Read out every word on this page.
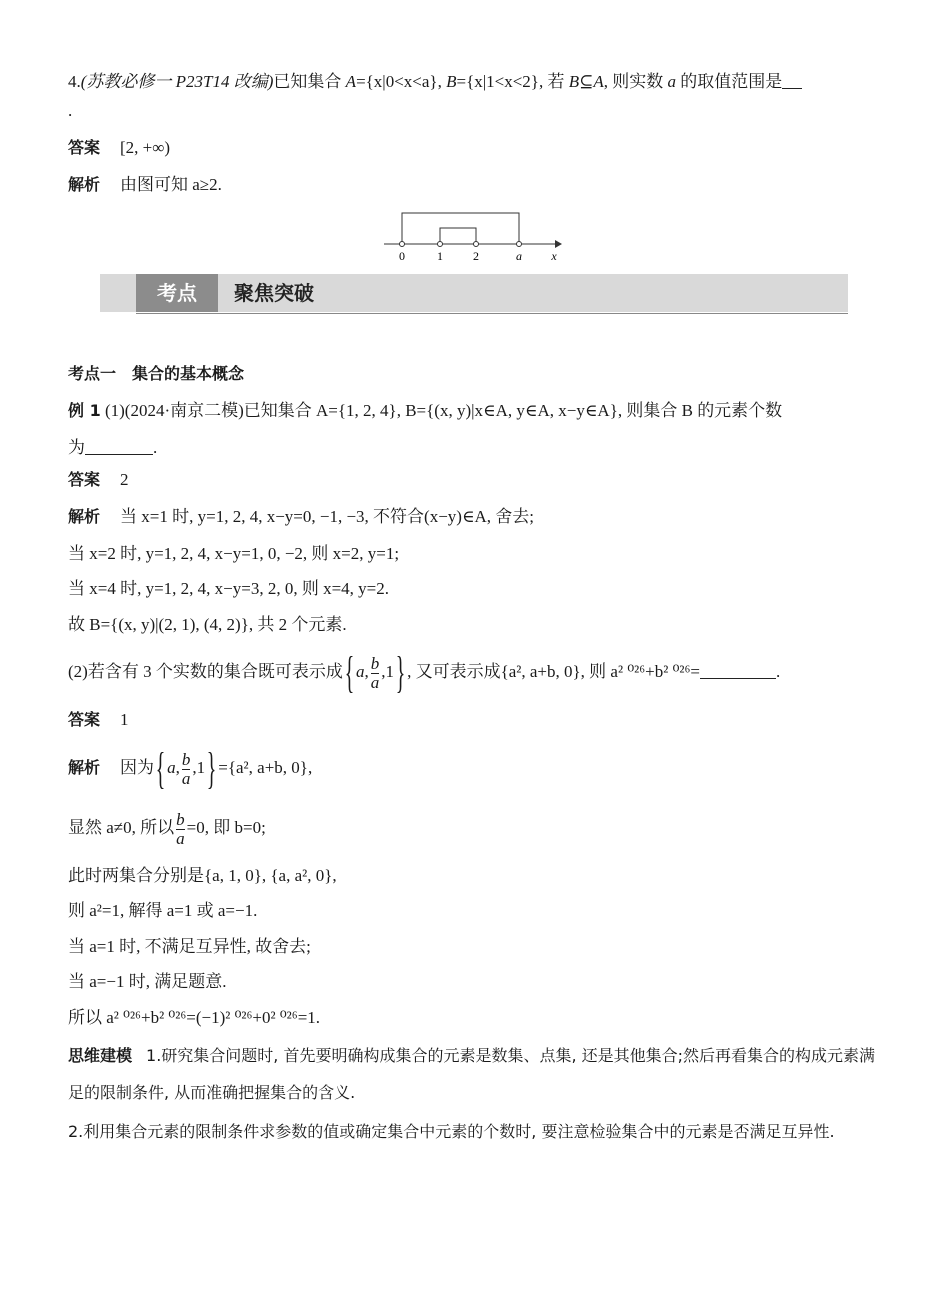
4.(苏教必修一 P23T14 改编)已知集合 A={x|0<x<a}, B={x|1<x<2}, 若 B⊆A, 则实数 a 的取值范围是
.
答案 [2, +∞)
解析 由图可知 a≥2.
0	1	2	a x
考点	聚焦突破
考点一　集合的基本概念
例 1 (1)(2024·南京二模)已知集合 A={1, 2, 4}, B={(x, y)|x∈A, y∈A, x−y∈A}, 则集合 B 的元素个数
为	.
答案 2
解析 当 x=1 时, y=1, 2, 4, x−y=0, −1, −3, 不符合(x−y)∈A, 舍去;
当 x=2 时, y=1, 2, 4, x−y=1, 0, −2, 则 x=2, y=1;
当 x=4 时, y=1, 2, 4, x−y=3, 2, 0, 则 x=4, y=2.
故 B={(x, y)|(2, 1), (4, 2)}, 共 2 个元素.
(2)若含有 3 个实数的集合既可表示成{ a, $\frac{b}{a} ,1$} , 又可表示成{a², a+b, 0}, 则 a² ⁰²⁶+b² ⁰²⁶=	.
答案 1
解析 因为{ a, $\frac{b}{a} ,1\} =\{a^2$, a+b, 0},
显然 a≠0, 所以 $\frac{b}{a} =0$, 即 b=0;
此时两集合分别是{a, 1, 0}, {a, a², 0},
则 a²=1, 解得 a=1 或 a=−1.
当 a=1 时, 不满足互异性, 故舍去;
当 a=−1 时, 满足题意.
所以 a² ⁰²⁶+b² ⁰²⁶=(−1)² ⁰²⁶+0² ⁰²⁶=1.
思维建模 1.研究集合问题时, 首先要明确构成集合的元素是数集、点集, 还是其他集合;然后再看集合的构成元素满足的限制条件, 从而准确把握集合的含义.
2.利用集合元素的限制条件求参数的值或确定集合中元素的个数时, 要注意检验集合中的元素是否满足互异性.
